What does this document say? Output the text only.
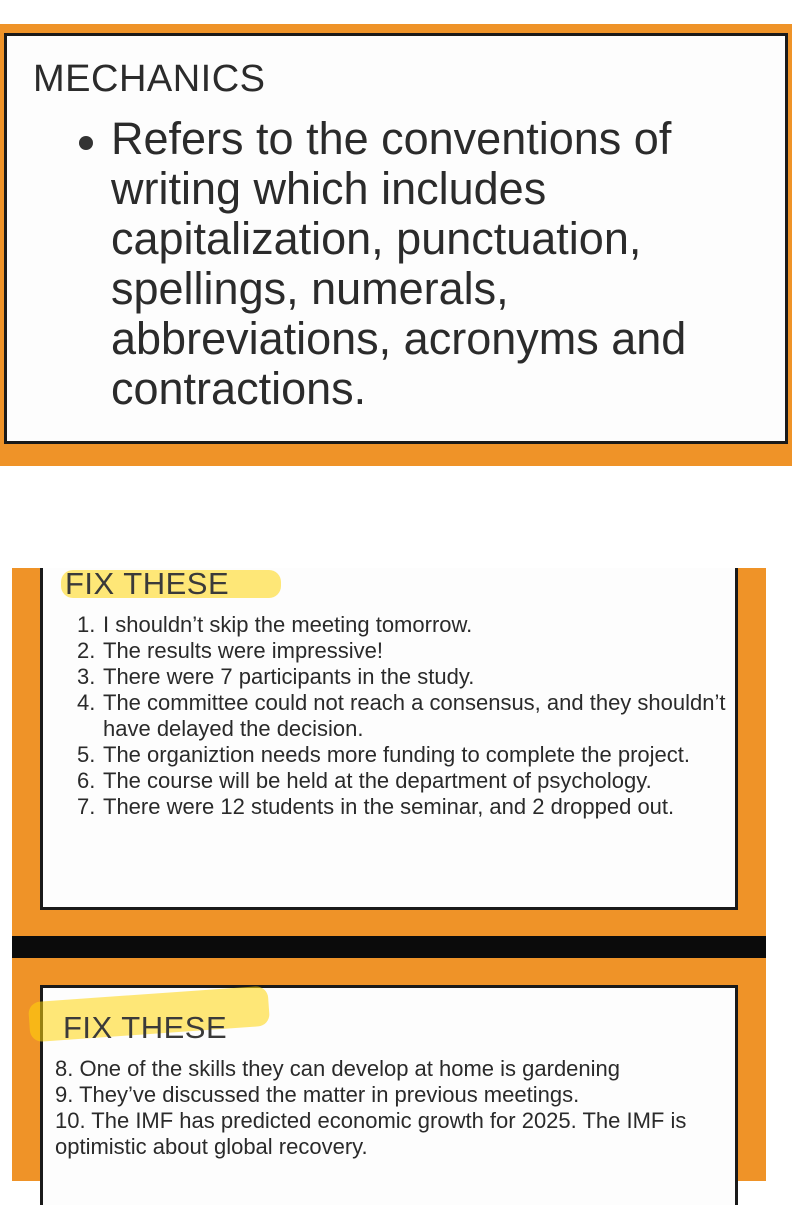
MECHANICS
Refers to the conventions of writing which includes capitalization, punctuation, spellings, numerals, abbreviations, acronyms and contractions.
FIX THESE
1. I shouldn’t skip the meeting tomorrow.
2. The results were impressive!
3. There were 7 participants in the study.
4. The committee could not reach a consensus, and they shouldn’t have delayed the decision.
5. The organiztion needs more funding to complete the project.
6. The course will be held at the department of psychology.
7. There were 12 students in the seminar, and 2 dropped out.
FIX THESE
8. One of the skills they can develop at home is gardening
9. They’ve discussed the matter in previous meetings.
10. The IMF has predicted economic growth for 2025. The IMF is optimistic about global recovery.
